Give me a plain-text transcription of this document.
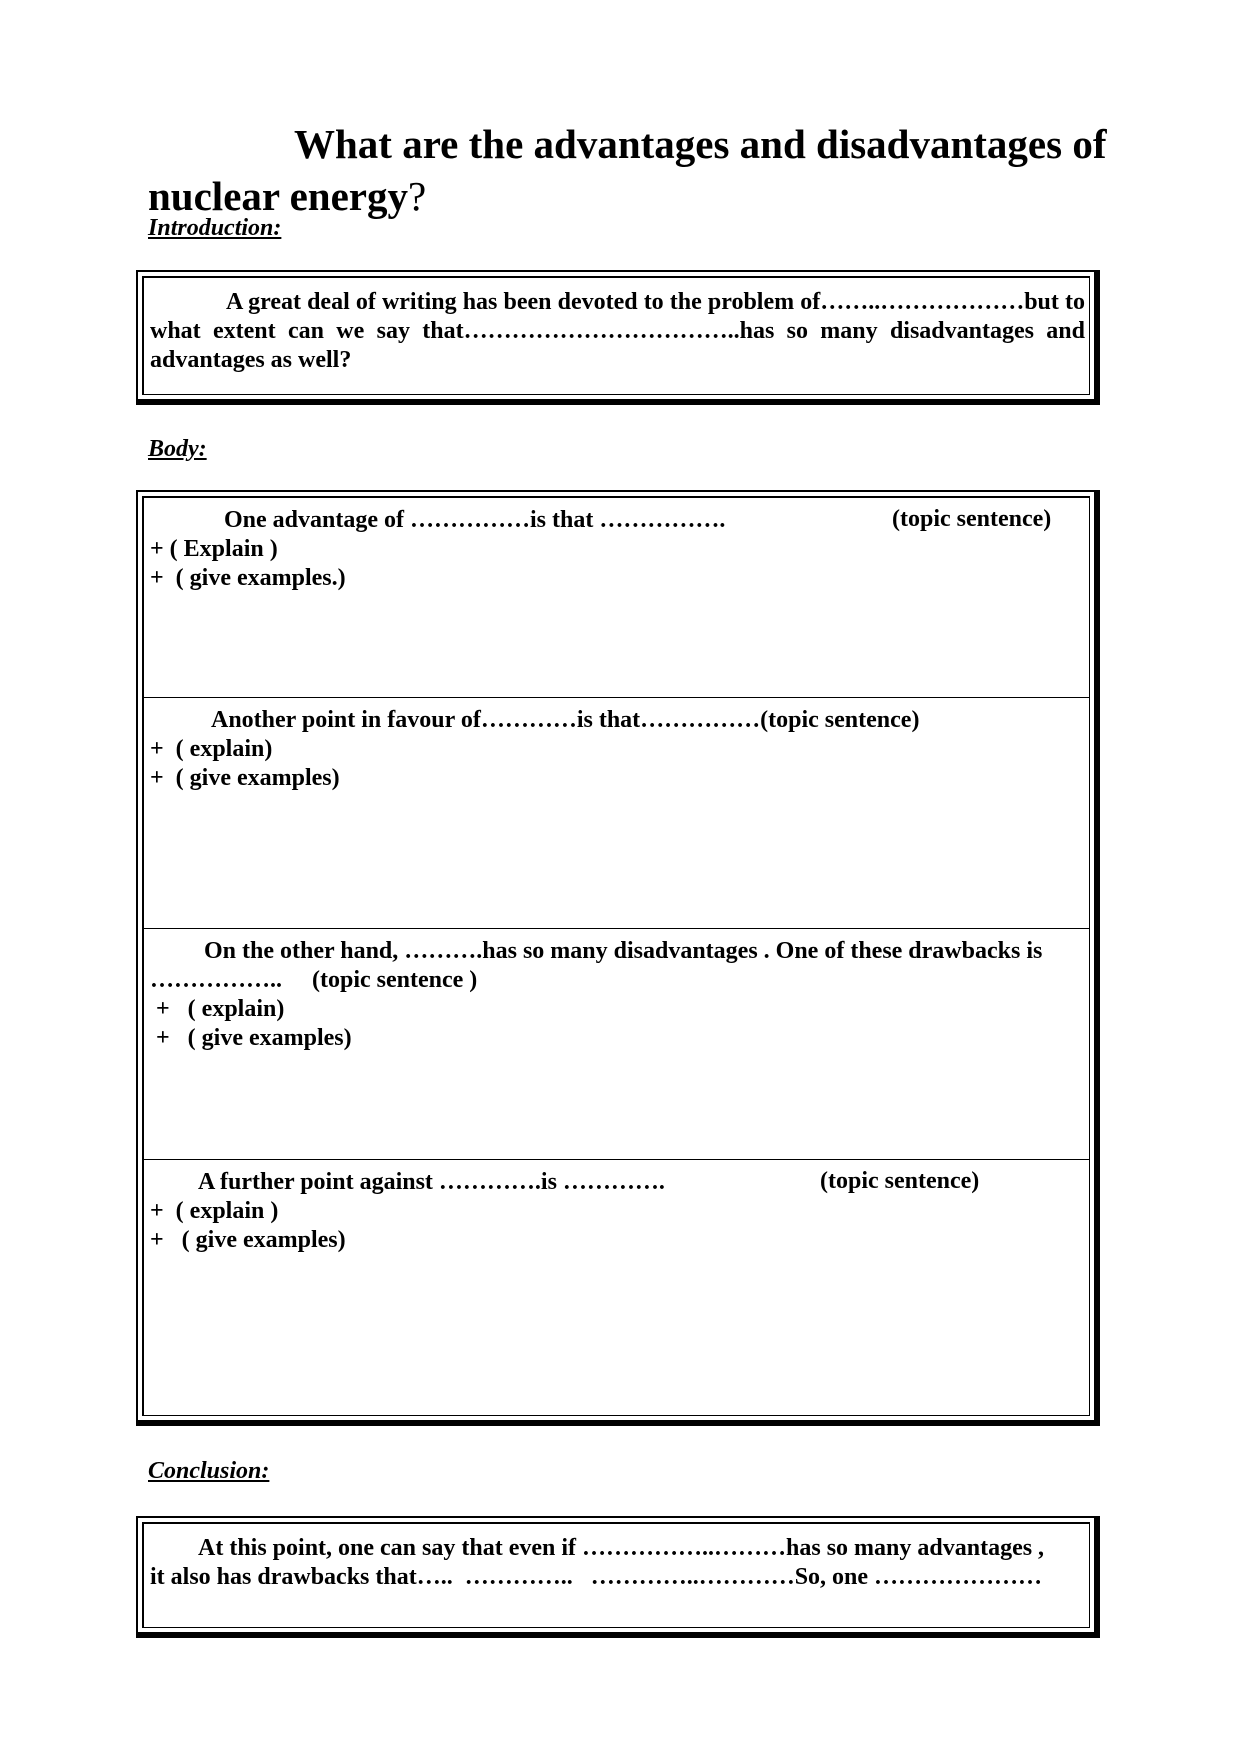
What are the advantages and disadvantages of nuclear energy?
Introduction:

A great deal of writing has been devoted to the problem of……..………………but to what extent can we say that……………………………..has so many disadvantages and advantages as well?

Body:
One advantage of ……………is that …………….	(topic sentence)
+ ( Explain )
+  ( give examples.)
Another point in favour of…………is that……………(topic sentence)
+  ( explain)
+  ( give examples)
On the other hand, ……….has so many disadvantages . One of these drawbacks is
……………..     (topic sentence )
+   ( explain)
+   ( give examples)
A further point against ………….is ………….	(topic sentence)
+  ( explain )
+   ( give examples)
Conclusion:
At this point, one can say that even if ……………..………has so many advantages ,
it also has drawbacks that…..  …………..   …………..…………So, one …………………
